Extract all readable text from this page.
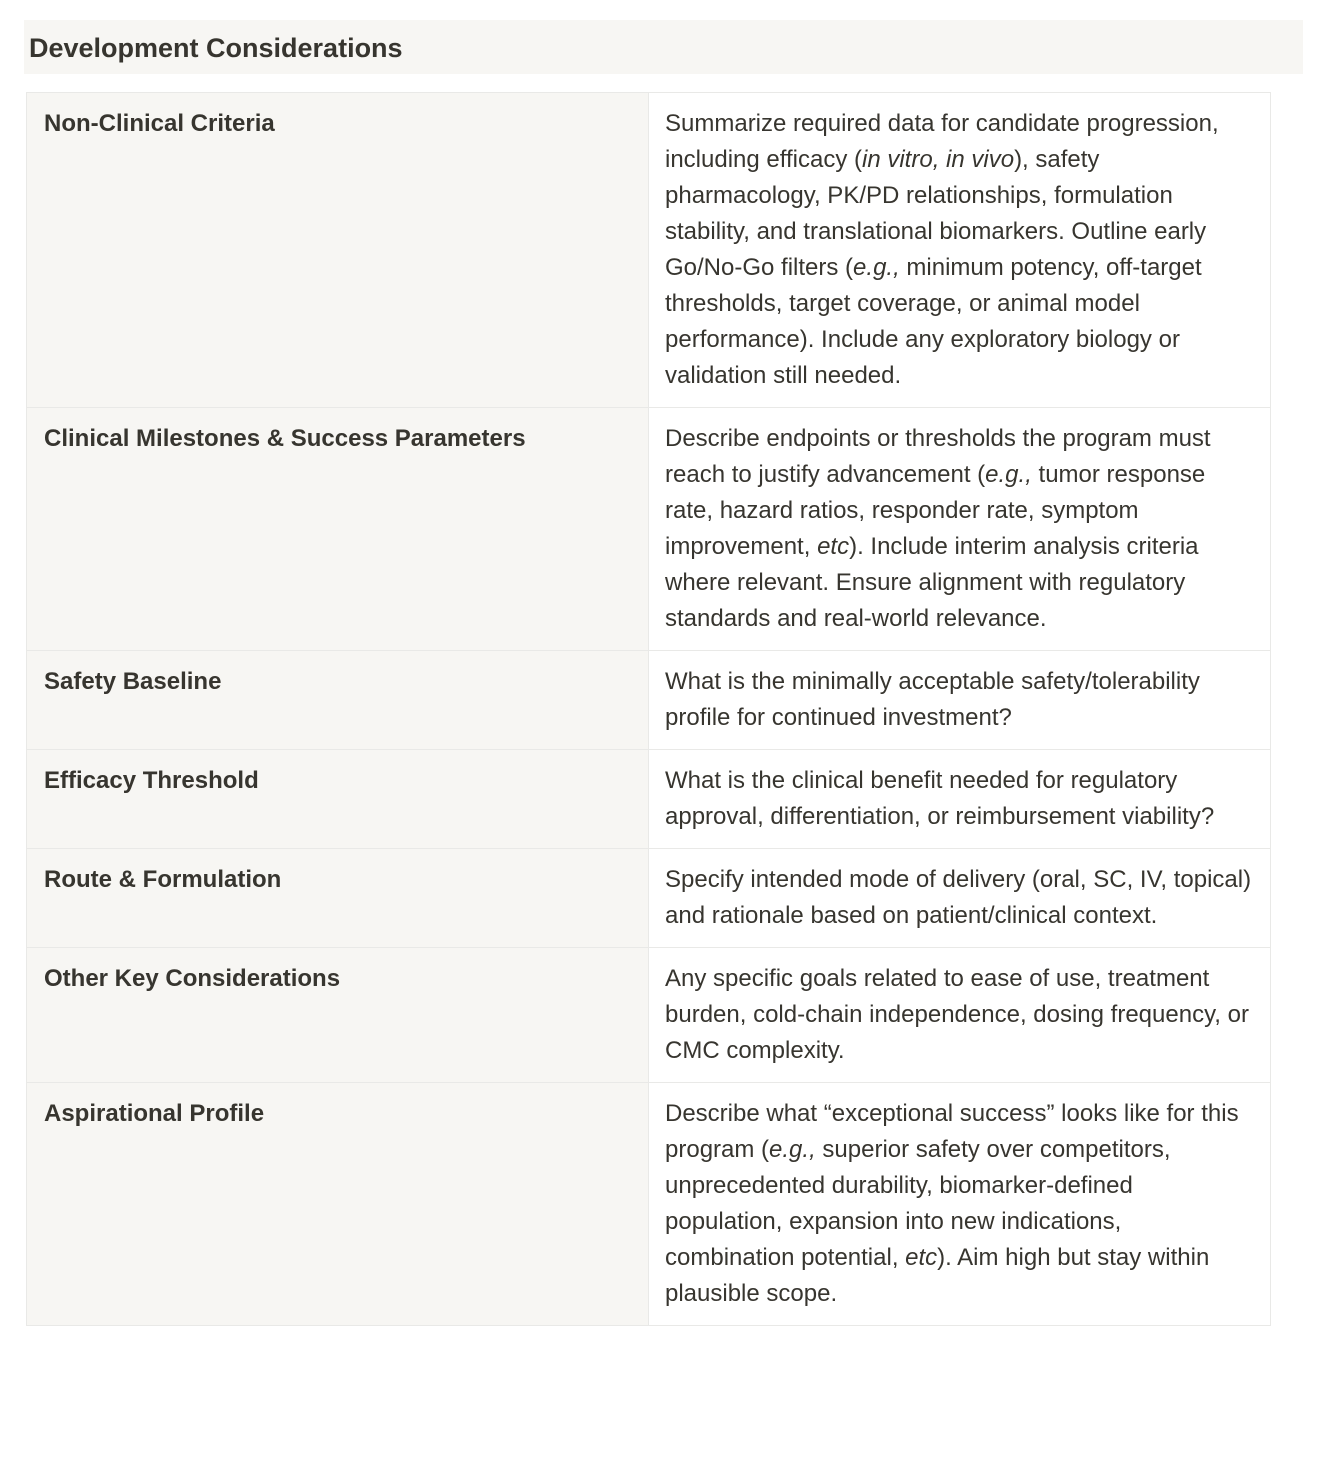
Development Considerations
Non-Clinical Criteria	Summarize required data for candidate progression, including efficacy (in vitro, in vivo), safety pharmacology, PK/PD relationships, formulation stability, and translational biomarkers. Outline early Go/No-Go filters (e.g., minimum potency, off-target thresholds, target coverage, or animal model performance). Include any exploratory biology or validation still needed.
Clinical Milestones & Success Parameters	Describe endpoints or thresholds the program must reach to justify advancement (e.g., tumor response rate, hazard ratios, responder rate, symptom improvement, etc). Include interim analysis criteria where relevant. Ensure alignment with regulatory standards and real-world relevance.
Safety Baseline	What is the minimally acceptable safety/tolerability profile for continued investment?
Efficacy Threshold	What is the clinical benefit needed for regulatory approval, differentiation, or reimbursement viability?
Route & Formulation	Specify intended mode of delivery (oral, SC, IV, topical) and rationale based on patient/clinical context.
Other Key Considerations	Any specific goals related to ease of use, treatment burden, cold-chain independence, dosing frequency, or CMC complexity.
Aspirational Profile	Describe what “exceptional success” looks like for this program (e.g., superior safety over competitors, unprecedented durability, biomarker-defined population, expansion into new indications, combination potential, etc). Aim high but stay within plausible scope.
